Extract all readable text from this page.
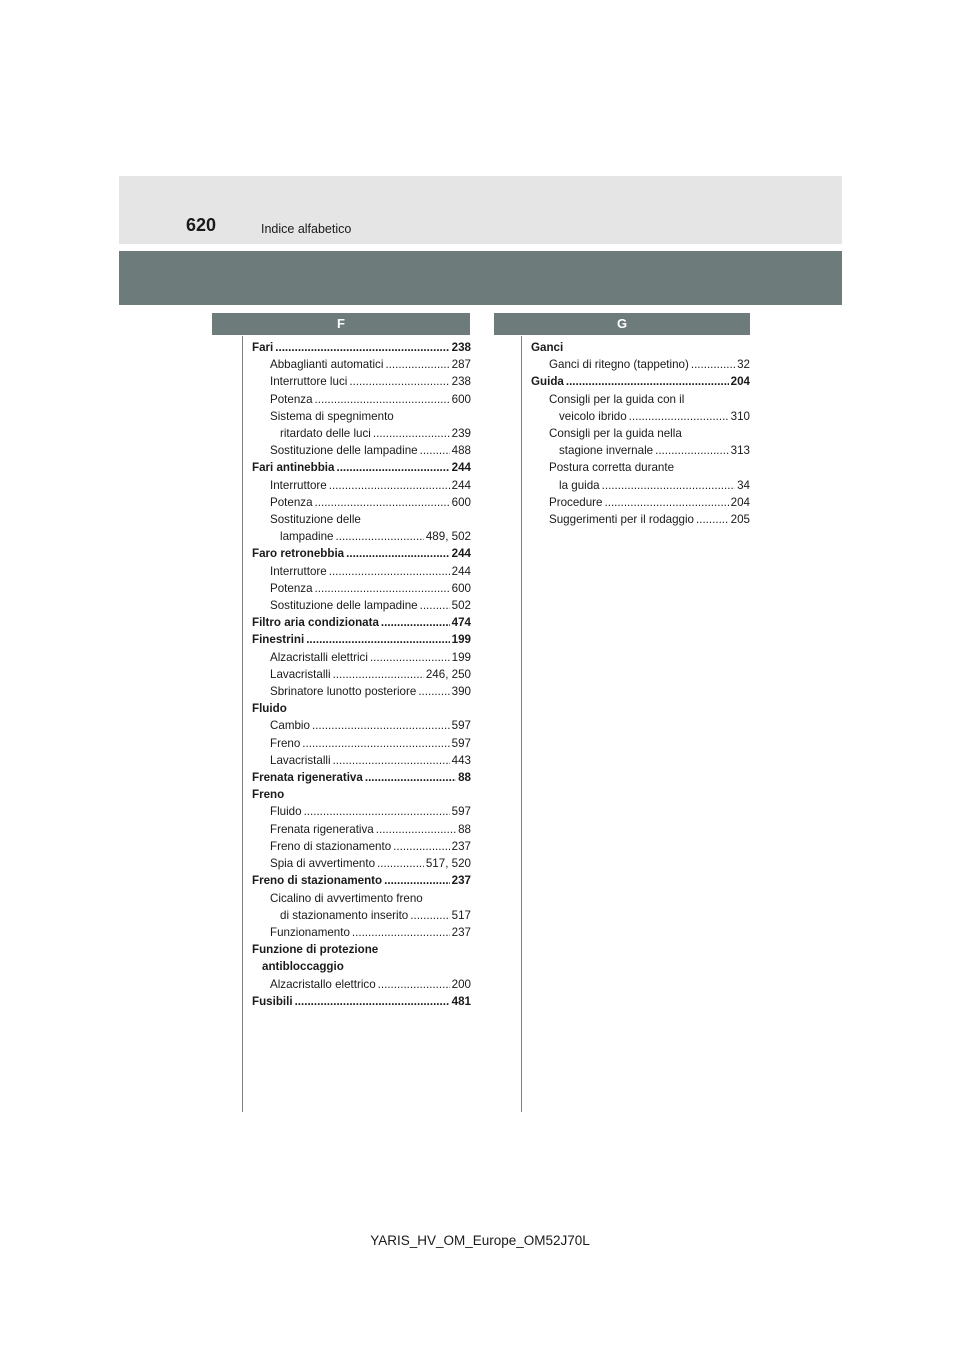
620	Indice alfabetico
F	G
Fari .....	238
Abbaglianti automatici .....	287
Interruttore luci .....	238
Potenza .....	600
Sistema di spegnimento
ritardato delle luci .....	239
Sostituzione delle lampadine .....	488
Fari antinebbia .....	244
Interruttore .....	244
Potenza .....	600
Sostituzione delle
lampadine .....	489, 502
Faro retronebbia .....	244
Interruttore .....	244
Potenza .....	600
Sostituzione delle lampadine .....	502
Filtro aria condizionata .....	474
Finestrini .....	199
Alzacristalli elettrici .....	199
Lavacristalli .....	246, 250
Sbrinatore lunotto posteriore .....	390
Fluido
Cambio .....	597
Freno .....	597
Lavacristalli .....	443
Frenata rigenerativa .....	88
Freno
Fluido .....	597
Frenata rigenerativa .....	88
Freno di stazionamento .....	237
Spia di avvertimento .....	517, 520
Freno di stazionamento .....	237
Cicalino di avvertimento freno
di stazionamento inserito .....	517
Funzionamento .....	237
Funzione di protezione
antibloccaggio
Alzacristallo elettrico .....	200
Fusibili .....	481
Ganci
Ganci di ritegno (tappetino) .....	32
Guida .....	204
Consigli per la guida con il
veicolo ibrido .....	310
Consigli per la guida nella
stagione invernale .....	313
Postura corretta durante
la guida .....	34
Procedure .....	204
Suggerimenti per il rodaggio .....	205
YARIS_HV_OM_Europe_OM52J70L
